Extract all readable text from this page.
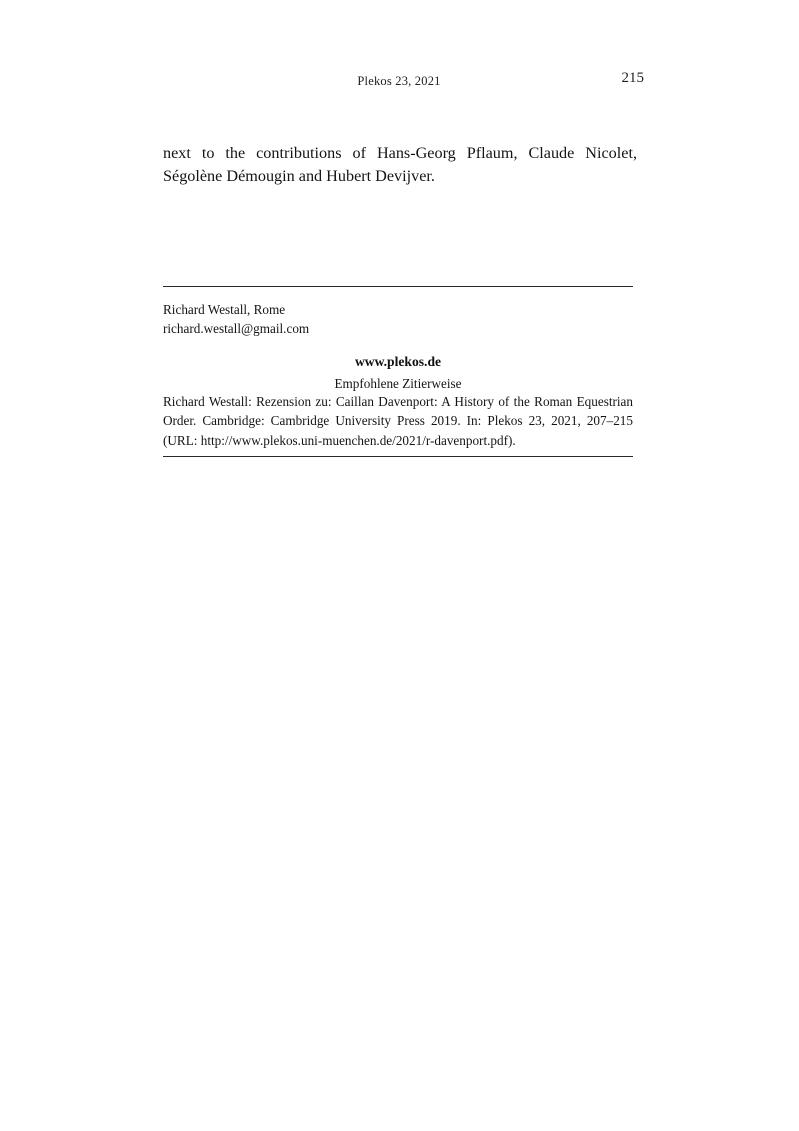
Plekos 23, 2021	215
next to the contributions of Hans-Georg Pflaum, Claude Nicolet, Ségolène Démougin and Hubert Devijver.
Richard Westall, Rome
richard.westall@gmail.com
www.plekos.de
Empfohlene Zitierweise
Richard Westall: Rezension zu: Caillan Davenport: A History of the Roman Equestrian Order. Cambridge: Cambridge University Press 2019. In: Plekos 23, 2021, 207–215 (URL: http://www.plekos.uni-muenchen.de/2021/r-davenport.pdf).
